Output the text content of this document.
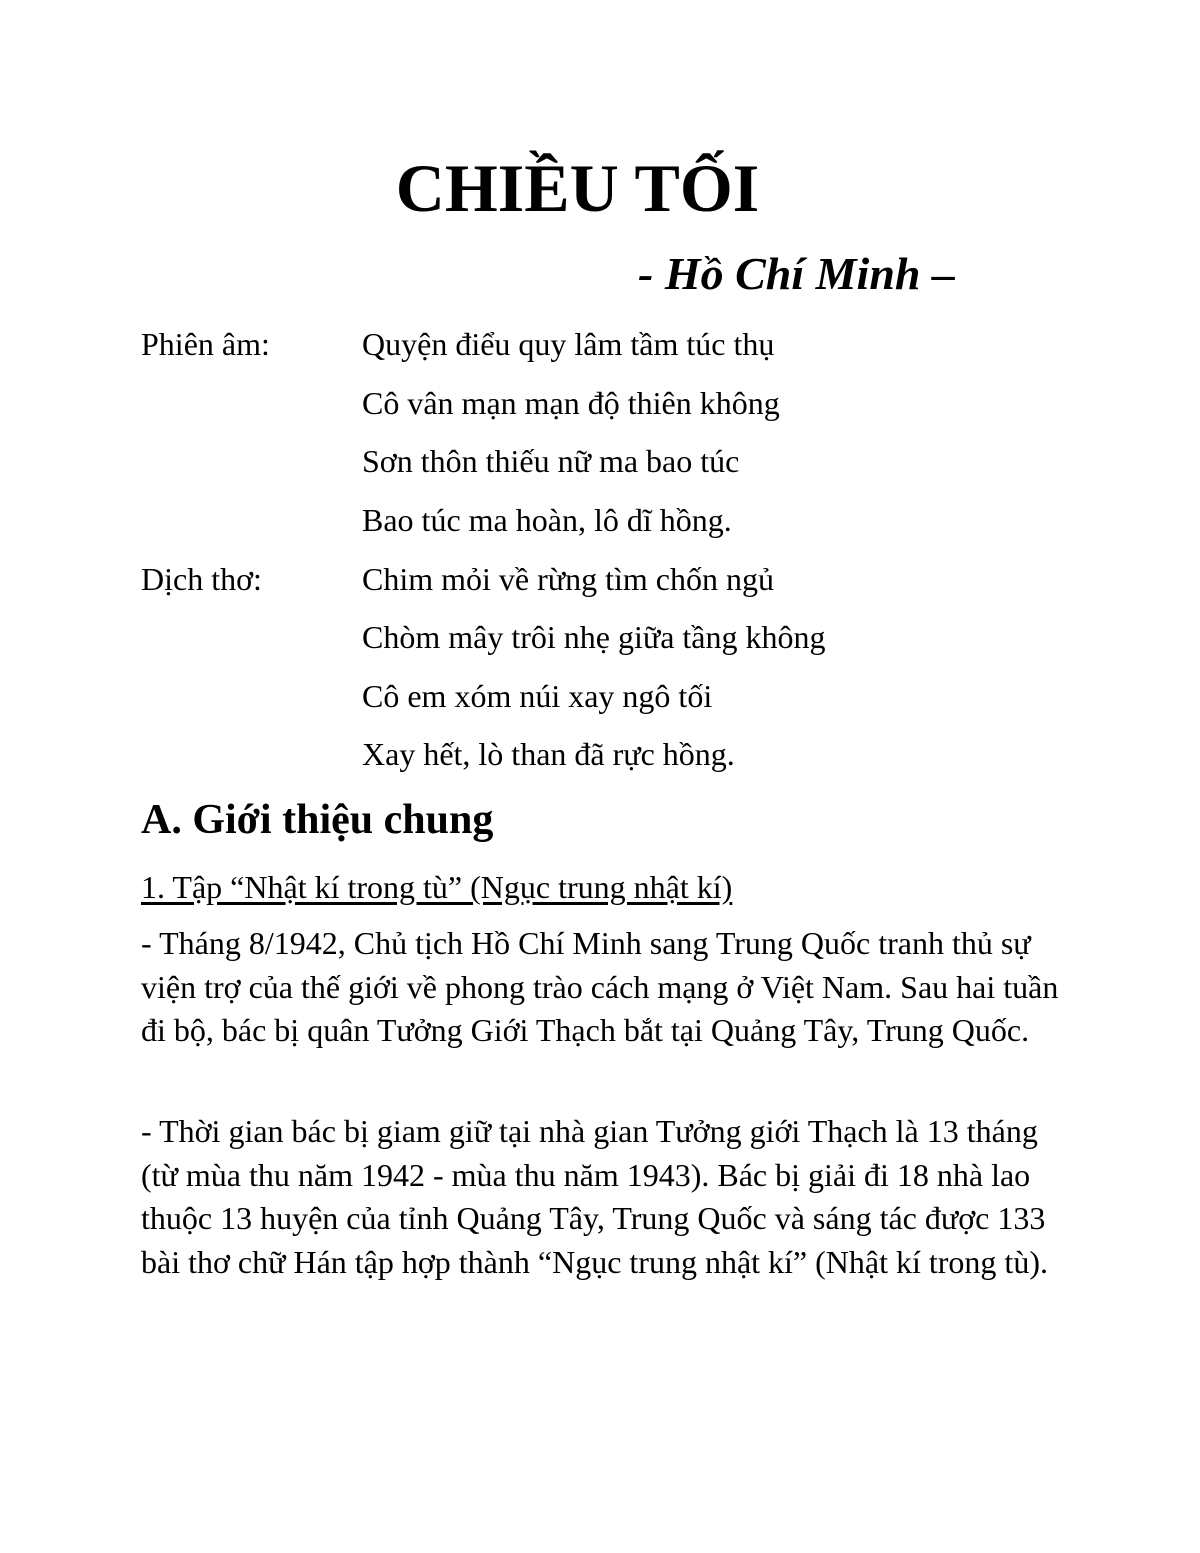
CHIỀU TỐI
- Hồ Chí Minh –
Phiên âm:	Quyện điểu quy lâm tầm túc thụ
Cô vân mạn mạn độ thiên không
Sơn thôn thiếu nữ ma bao túc
Bao túc ma hoàn, lô dĩ hồng.
Dịch thơ:	Chim mỏi về rừng tìm chốn ngủ
Chòm mây trôi nhẹ giữa tầng không
Cô em xóm núi xay ngô tối
Xay hết, lò than đã rực hồng.
A. Giới thiệu chung
1. Tập “Nhật kí trong tù” (Ngục trung nhật kí)

- Tháng 8/1942, Chủ tịch Hồ Chí Minh sang Trung Quốc tranh thủ sự viện trợ của thế giới về phong trào cách mạng ở Việt Nam. Sau hai tuần đi bộ, bác bị quân Tưởng Giới Thạch bắt tại Quảng Tây, Trung Quốc.

- Thời gian bác bị giam giữ tại nhà gian Tưởng giới Thạch là 13 tháng (từ mùa thu năm 1942 - mùa thu năm 1943). Bác bị giải đi 18 nhà lao thuộc 13 huyện của tỉnh Quảng Tây, Trung Quốc và sáng tác được 133 bài thơ chữ Hán tập hợp thành “Ngục trung nhật kí” (Nhật kí trong tù).
